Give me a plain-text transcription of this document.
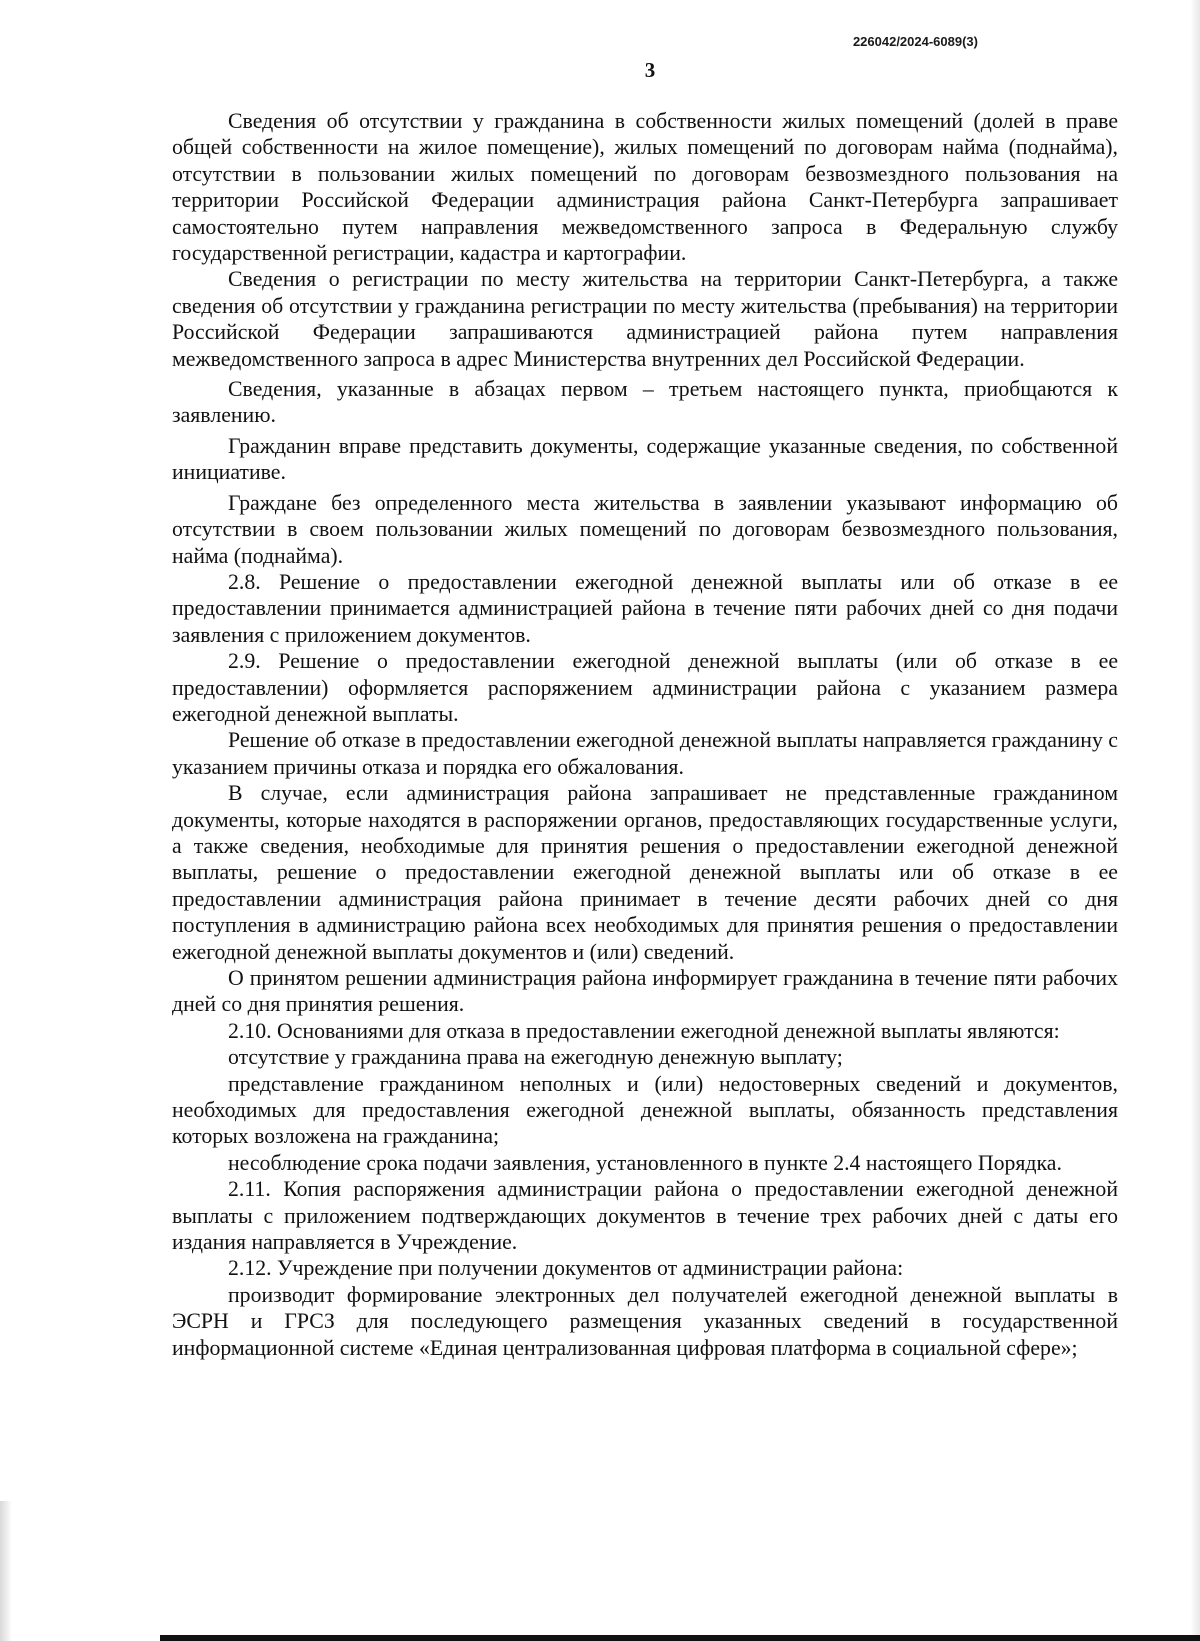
226042/2024-6089(3)
3

Сведения об отсутствии у гражданина в собственности жилых помещений (долей в праве общей собственности на жилое помещение), жилых помещений по договорам найма (поднайма), отсутствии в пользовании жилых помещений по договорам безвозмездного пользования на территории Российской Федерации администрация района Санкт-Петербурга запрашивает самостоятельно путем направления межведомственного запроса в Федеральную службу государственной регистрации, кадастра и картографии.

Сведения о регистрации по месту жительства на территории Санкт-Петербурга, а также сведения об отсутствии у гражданина регистрации по месту жительства (пребывания) на территории Российской Федерации запрашиваются администрацией района путем направления межведомственного запроса в адрес Министерства внутренних дел Российской Федерации.

Сведения, указанные в абзацах первом – третьем настоящего пункта, приобщаются к заявлению.

Гражданин вправе представить документы, содержащие указанные сведения, по собственной инициативе.

Граждане без определенного места жительства в заявлении указывают информацию об отсутствии в своем пользовании жилых помещений по договорам безвозмездного пользования, найма (поднайма).

2.8. Решение о предоставлении ежегодной денежной выплаты или об отказе в ее предоставлении принимается администрацией района в течение пяти рабочих дней со дня подачи заявления с приложением документов.

2.9. Решение о предоставлении ежегодной денежной выплаты (или об отказе в ее предоставлении) оформляется распоряжением администрации района с указанием размера ежегодной денежной выплаты.

Решение об отказе в предоставлении ежегодной денежной выплаты направляется гражданину с указанием причины отказа и порядка его обжалования.

В случае, если администрация района запрашивает не представленные гражданином документы, которые находятся в распоряжении органов, предоставляющих государственные услуги, а также сведения, необходимые для принятия решения о предоставлении ежегодной денежной выплаты, решение о предоставлении ежегодной денежной выплаты или об отказе в ее предоставлении администрация района принимает в течение десяти рабочих дней со дня поступления в администрацию района всех необходимых для принятия решения о предоставлении ежегодной денежной выплаты документов и (или) сведений.

О принятом решении администрация района информирует гражданина в течение пяти рабочих дней со дня принятия решения.

2.10. Основаниями для отказа в предоставлении ежегодной денежной выплаты являются:

отсутствие у гражданина права на ежегодную денежную выплату;

представление гражданином неполных и (или) недостоверных сведений и документов, необходимых для предоставления ежегодной денежной выплаты, обязанность представления которых возложена на гражданина;

несоблюдение срока подачи заявления, установленного в пункте 2.4 настоящего Порядка.

2.11. Копия распоряжения администрации района о предоставлении ежегодной денежной выплаты с приложением подтверждающих документов в течение трех рабочих дней с даты его издания направляется в Учреждение.

2.12. Учреждение при получении документов от администрации района:

производит формирование электронных дел получателей ежегодной денежной выплаты в ЭСРН и ГРСЗ для последующего размещения указанных сведений в государственной информационной системе «Единая централизованная цифровая платформа в социальной сфере»;
